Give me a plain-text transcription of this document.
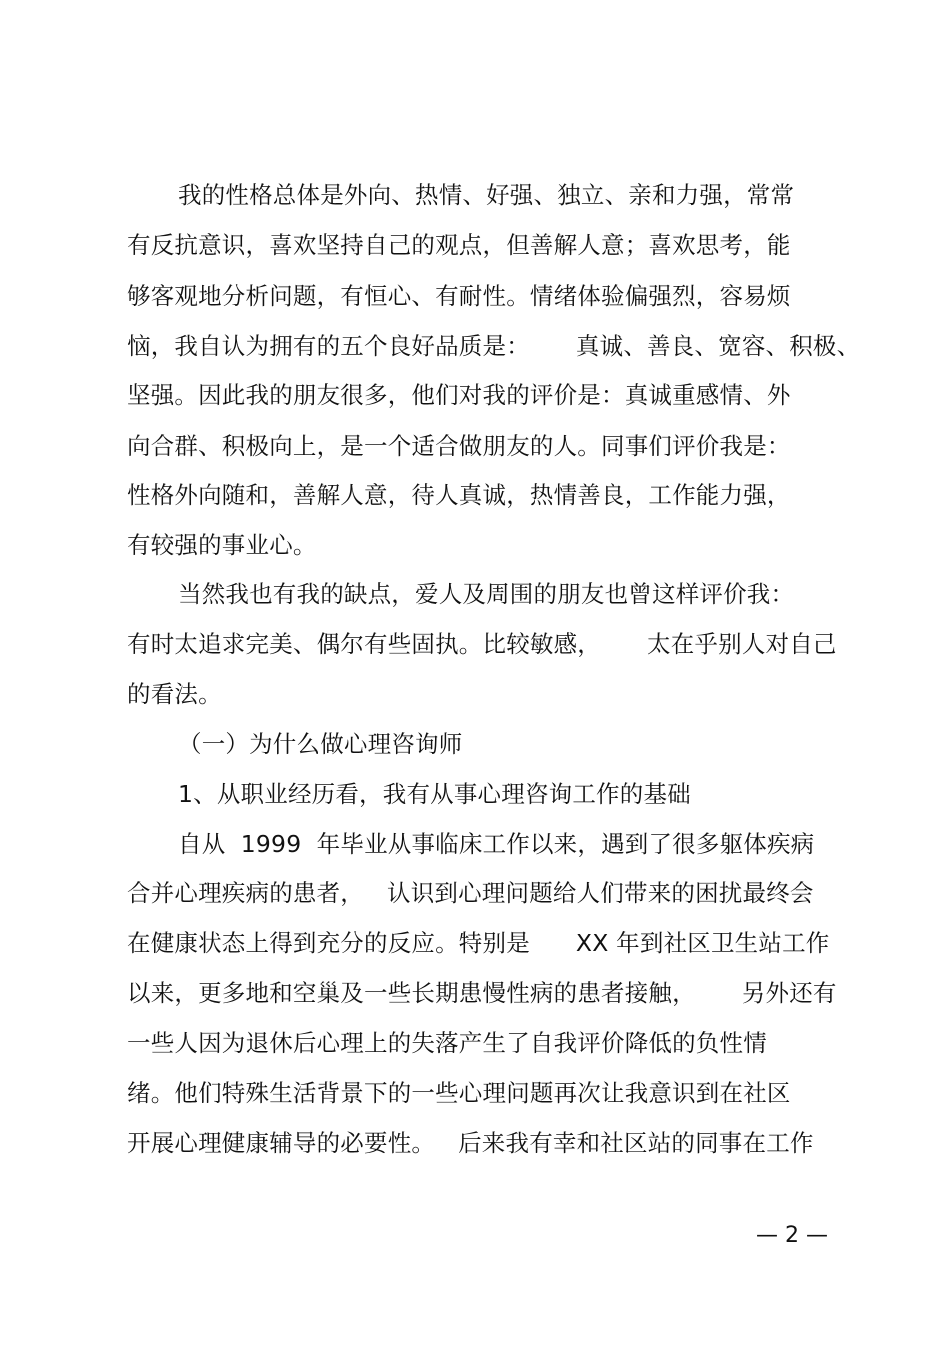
我的性格总体是外向、热情、好强、独立、亲和力强，常常
有反抗意识，喜欢坚持自己的观点，但善解人意；喜欢思考，能
够客观地分析问题，有恒心、有耐性。情绪体验偏强烈，容易烦
恼，我自认为拥有的五个良好品质是：      真诚、善良、宽容、积极、
坚强。因此我的朋友很多，他们对我的评价是：真诚重感情、外
向合群、积极向上，是一个适合做朋友的人。同事们评价我是：
性格外向随和，善解人意，待人真诚，热情善良，工作能力强，
有较强的事业心。
当然我也有我的缺点，爱人及周围的朋友也曾这样评价我：
有时太追求完美、偶尔有些固执。比较敏感，      太在乎别人对自己
的看法。
（一）为什么做心理咨询师
1、从职业经历看，我有从事心理咨询工作的基础
自从  1999  年毕业从事临床工作以来，遇到了很多躯体疾病
合并心理疾病的患者，   认识到心理问题给人们带来的困扰最终会
在健康状态上得到充分的反应。特别是      XX 年到社区卫生站工作
以来，更多地和空巢及一些长期患慢性病的患者接触，      另外还有
一些人因为退休后心理上的失落产生了自我评价降低的负性情
绪。他们特殊生活背景下的一些心理问题再次让我意识到在社区
开展心理健康辅导的必要性。   后来我有幸和社区站的同事在工作
— 2 —
